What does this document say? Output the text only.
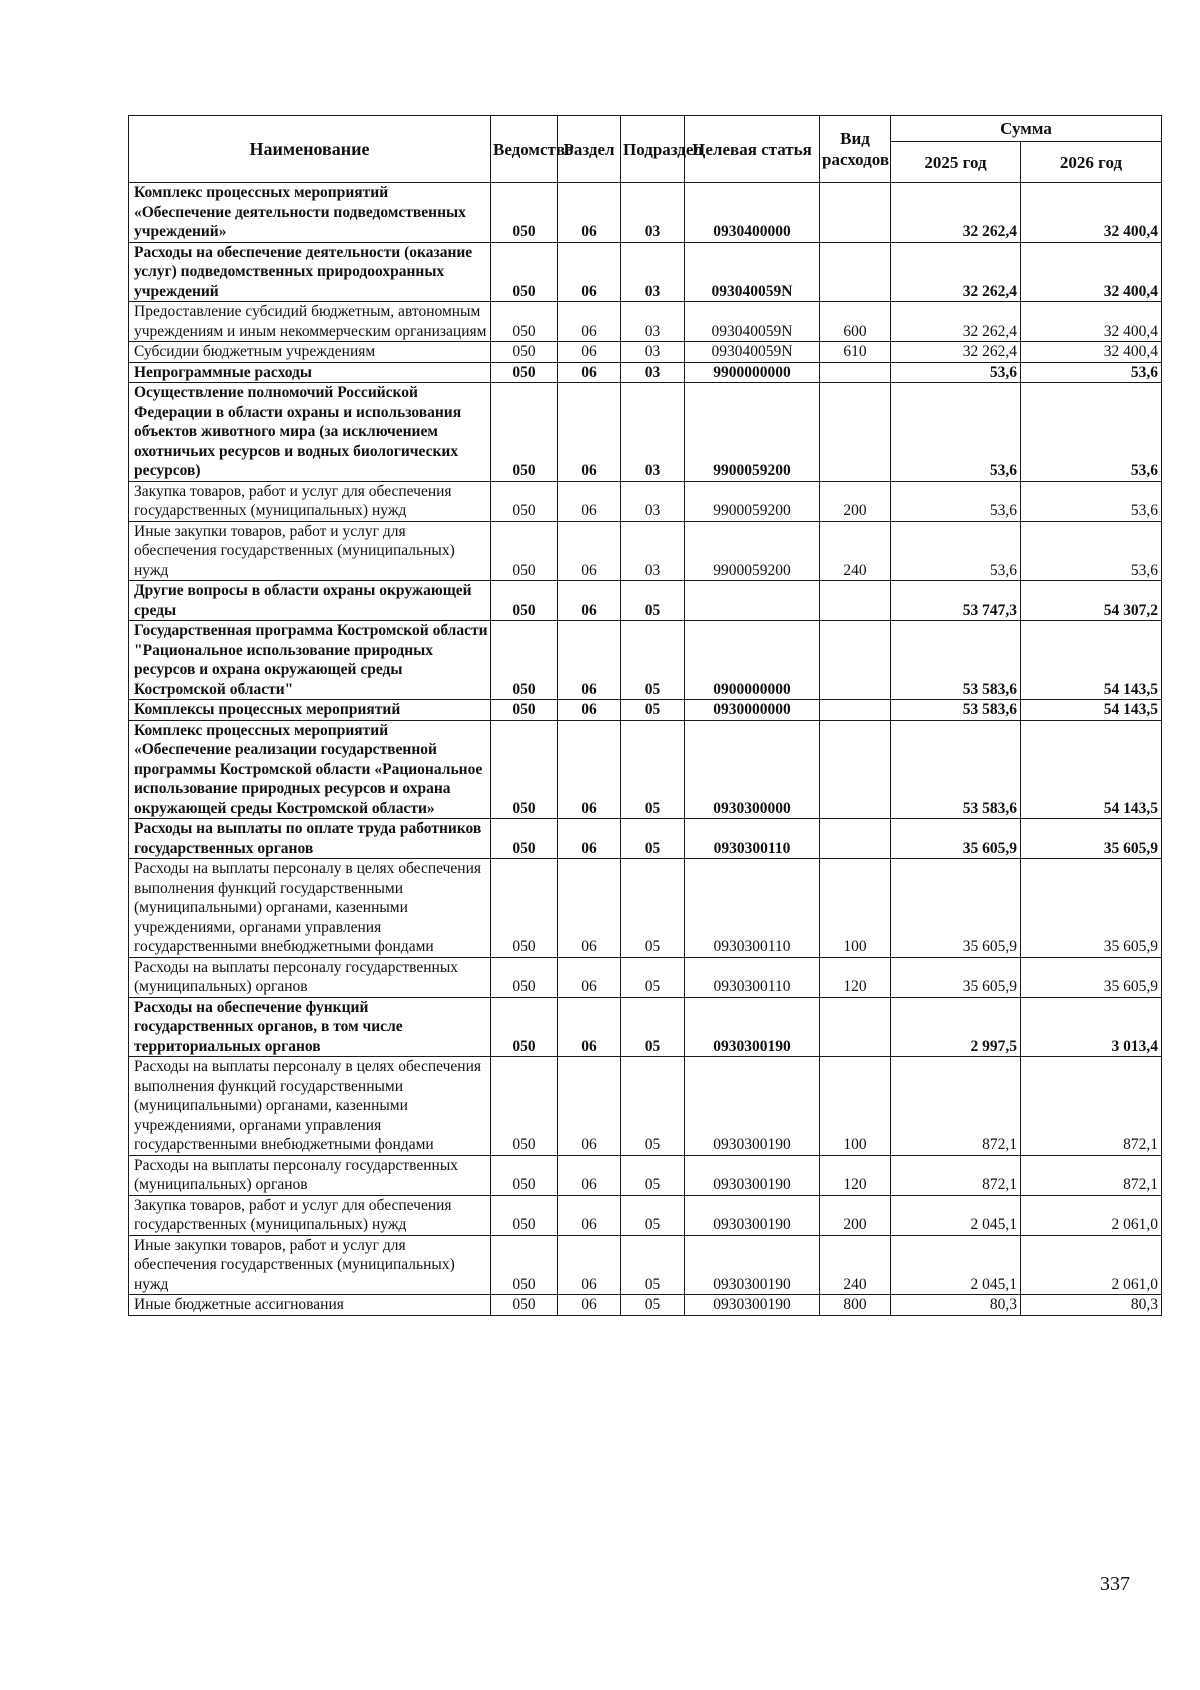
Наименование	Ведомство	Раздел	Подраздел	Целевая статья	Вид расходов	Сумма	
						2025 год	2026 год
Комплекс процессных мероприятий «Обеспечение деятельности подведомственных учреждений»	050	06	03	0930400000		32 262,4	32 400,4
Расходы на обеспечение деятельности (оказание услуг) подведомственных природоохранных учреждений	050	06	03	093040059N		32 262,4	32 400,4
Предоставление субсидий бюджетным, автономным учреждениям и иным некоммерческим организациям	050	06	03	093040059N	600	32 262,4	32 400,4
Субсидии бюджетным учреждениям	050	06	03	093040059N	610	32 262,4	32 400,4
Непрограммные расходы	050	06	03	9900000000		53,6	53,6
Осуществление полномочий Российской Федерации в области охраны и использования объектов животного мира (за исключением охотничьих ресурсов и водных биологических ресурсов)	050	06	03	9900059200		53,6	53,6
Закупка товаров, работ и услуг для обеспечения государственных (муниципальных) нужд	050	06	03	9900059200	200	53,6	53,6
Иные закупки товаров, работ и услуг для обеспечения государственных (муниципальных) нужд	050	06	03	9900059200	240	53,6	53,6
Другие вопросы в области охраны окружающей среды	050	06	05			53 747,3	54 307,2
Государственная программа Костромской области "Рациональное использование природных ресурсов и охрана окружающей среды Костромской области"	050	06	05	0900000000		53 583,6	54 143,5
Комплексы процессных мероприятий	050	06	05	0930000000		53 583,6	54 143,5
Комплекс процессных мероприятий «Обеспечение реализации государственной программы Костромской области «Рациональное использование природных ресурсов и охрана окружающей среды Костромской области»	050	06	05	0930300000		53 583,6	54 143,5
Расходы на выплаты по оплате труда работников государственных органов	050	06	05	0930300110		35 605,9	35 605,9
Расходы на выплаты персоналу в целях обеспечения выполнения функций государственными (муниципальными) органами, казенными учреждениями, органами управления государственными внебюджетными фондами	050	06	05	0930300110	100	35 605,9	35 605,9
Расходы на выплаты персоналу государственных (муниципальных) органов	050	06	05	0930300110	120	35 605,9	35 605,9
Расходы на обеспечение функций государственных органов, в том числе территориальных органов	050	06	05	0930300190		2 997,5	3 013,4
Расходы на выплаты персоналу в целях обеспечения выполнения функций государственными (муниципальными) органами, казенными учреждениями, органами управления государственными внебюджетными фондами	050	06	05	0930300190	100	872,1	872,1
Расходы на выплаты персоналу государственных (муниципальных) органов	050	06	05	0930300190	120	872,1	872,1
Закупка товаров, работ и услуг для обеспечения государственных (муниципальных) нужд	050	06	05	0930300190	200	2 045,1	2 061,0
Иные закупки товаров, работ и услуг для обеспечения государственных (муниципальных) нужд	050	06	05	0930300190	240	2 045,1	2 061,0
Иные бюджетные ассигнования	050	06	05	0930300190	800	80,3	80,3
337
